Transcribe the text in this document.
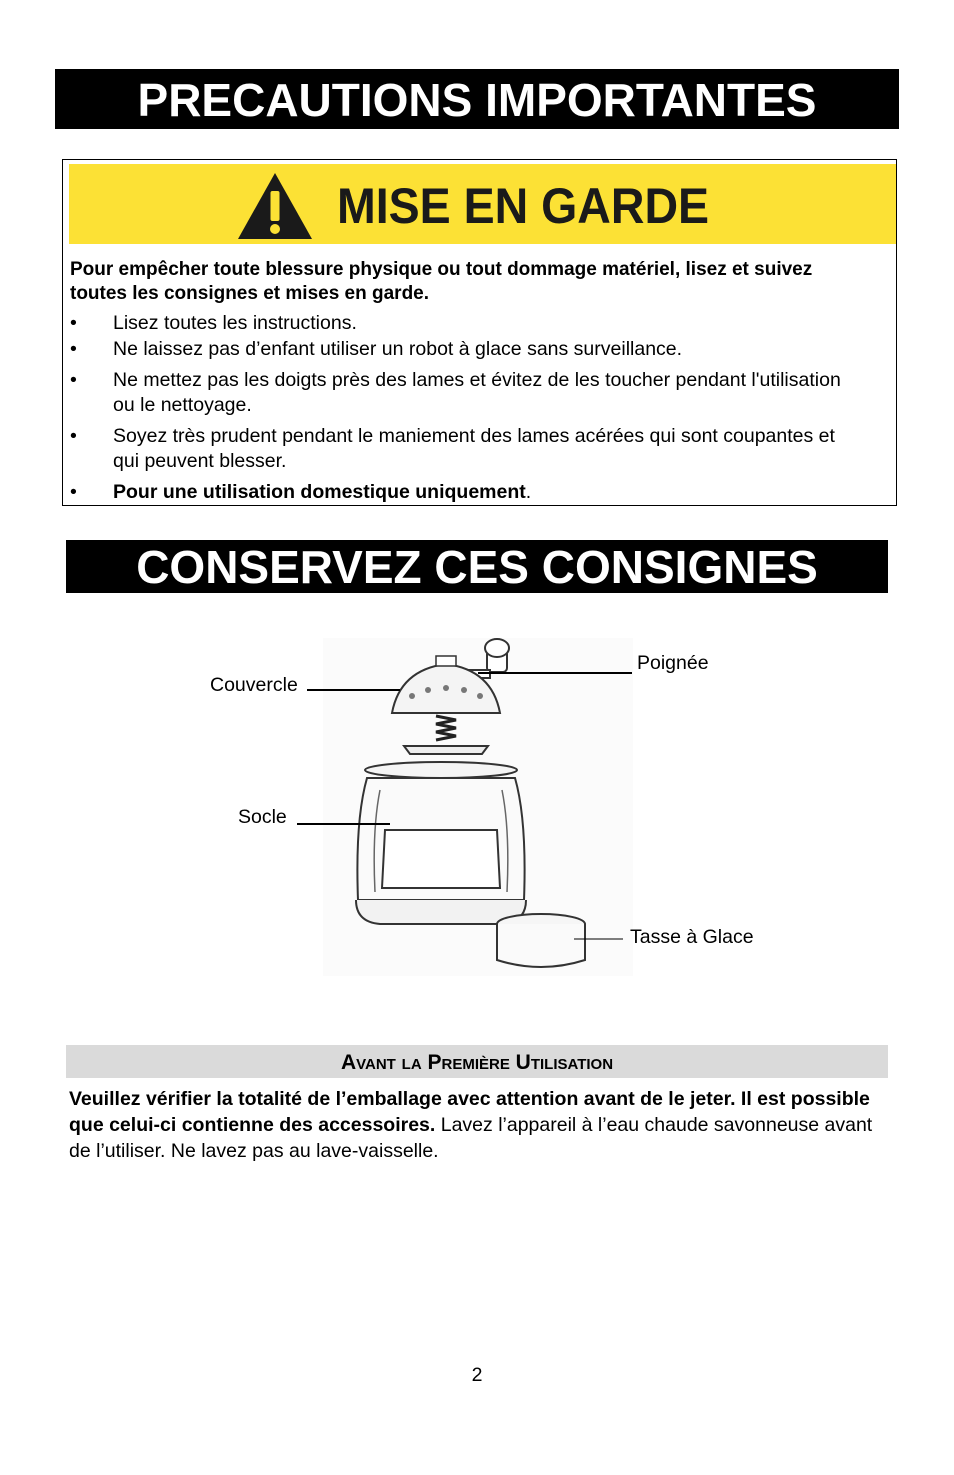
PRECAUTIONS IMPORTANTES
MISE EN GARDE
Pour empêcher toute blessure physique ou tout dommage matériel, lisez et suivez toutes les consignes et mises en garde.
• Lisez toutes les instructions.
• Ne laissez pas d’enfant utiliser un robot à glace sans surveillance.
• Ne mettez pas les doigts près des lames et évitez de les toucher pendant l'utilisation ou le nettoyage.
• Soyez très prudent pendant le maniement des lames acérées qui sont coupantes et qui peuvent blesser.
• Pour une utilisation domestique uniquement.
CONSERVEZ CES CONSIGNES
Couvercle
Poignée
Socle
Tasse à Glace
Avant la Première Utilisation
Veuillez vérifier la totalité de l’emballage avec attention avant de le jeter. Il est possible que celui-ci contienne des accessoires. Lavez l’appareil à l’eau chaude savonneuse avant de l’utiliser. Ne lavez pas au lave-vaisselle.
2
